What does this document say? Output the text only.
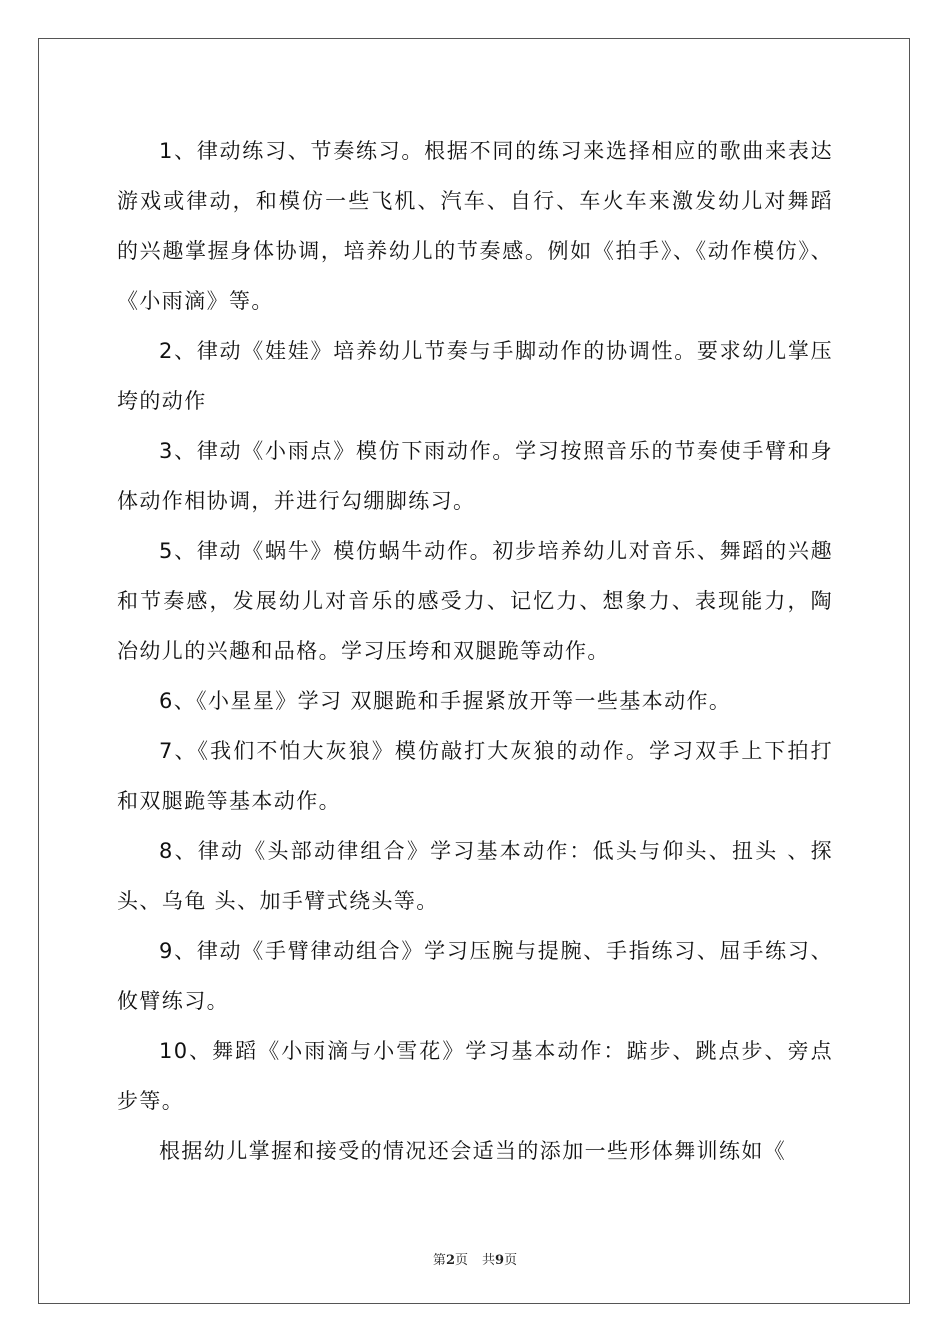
1、律动练习、节奏练习。根据不同的练习来选择相应的歌曲来表达游戏或律动，和模仿一些飞机、汽车、自行、车火车来激发幼儿对舞蹈的兴趣掌握身体协调，培养幼儿的节奏感。例如《拍手》、《动作模仿》、《小雨滴》等。

2、律动《娃娃》培养幼儿节奏与手脚动作的协调性。要求幼儿掌压垮的动作

3、律动《小雨点》模仿下雨动作。学习按照音乐的节奏使手臂和身体动作相协调，并进行勾绷脚练习。

5、律动《蜗牛》模仿蜗牛动作。初步培养幼儿对音乐、舞蹈的兴趣和节奏感，发展幼儿对音乐的感受力、记忆力、想象力、表现能力，陶冶幼儿的兴趣和品格。学习压垮和双腿跪等动作。

6、《小星星》学习 双腿跪和手握紧放开等一些基本动作。

7、《我们不怕大灰狼》模仿敲打大灰狼的动作。学习双手上下拍打和双腿跪等基本动作。

8、律动《头部动律组合》学习基本动作：低头与仰头、扭头 、探头、乌龟 头、加手臂式绕头等。

9、律动《手臂律动组合》学习压腕与提腕、手指练习、屈手练习、攸臂练习。

10、舞蹈《小雨滴与小雪花》学习基本动作：踮步、跳点步、旁点步等。

根据幼儿掌握和接受的情况还会适当的添加一些形体舞训练如《

第2页 共9页
